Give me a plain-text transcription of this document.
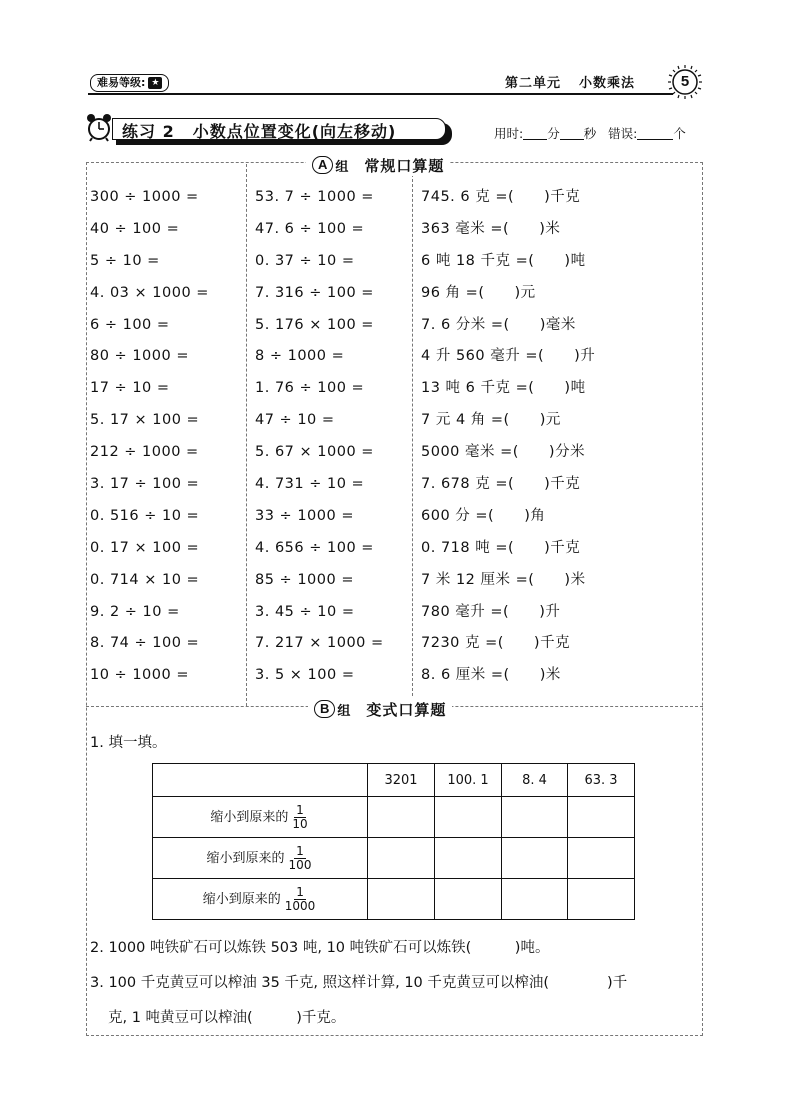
难易等级: ★	第二单元 小数乘法	5
练习 2 小数点位置变化(向左移动)	用时: 分 秒 错误:	个
A 组 常规口算题
300 ÷ 1000 =
40 ÷ 100 =
5 ÷ 10 =
4. 03 × 1000 =
6 ÷ 100 =
80 ÷ 1000 =
17 ÷ 10 =
5. 17 × 100 =
212 ÷ 1000 =
3. 17 ÷ 100 =
0. 516 ÷ 10 =
0. 17 × 100 =
0. 714 × 10 =
9. 2 ÷ 10 =
8. 74 ÷ 100 =
10 ÷ 1000 =
53. 7 ÷ 1000 =
47. 6 ÷ 100 =
0. 37 ÷ 10 =
7. 316 ÷ 100 =
5. 176 × 100 =
8 ÷ 1000 =
1. 76 ÷ 100 =
47 ÷ 10 =
5. 67 × 1000 =
4. 731 ÷ 10 =
33 ÷ 1000 =
4. 656 ÷ 100 =
85 ÷ 1000 =
3. 45 ÷ 10 =
7. 217 × 1000 =
3. 5 × 100 =
745. 6 克 =(　　)千克
363 毫米 =(　　)米
6 吨 18 千克 =(　　)吨
96 角 =(　　)元
7. 6 分米 =(　　)毫米
4 升 560 毫升 =(　　)升
13 吨 6 千克 =(　　)吨
7 元 4 角 =(　　)元
5000 毫米 =(　　)分米
7. 678 克 =(　　)千克
600 分 =(　　)角
0. 718 吨 =(　　)千克
7 米 12 厘米 =(　　)米
780 毫升 =(　　)升
7230 克 =(　　)千克
8. 6 厘米 =(　　)米
B 组 变式口算题
1. 填一填。
	3201	100. 1	8. 4	63. 3
缩小到原来的 $\frac{1}{10}$

缩小到原来的 $\frac{1}{100}$

缩小到原来的 $\frac{1}{1000}$

2. 1000 吨铁矿石可以炼铁 503 吨, 10 吨铁矿石可以炼铁(　　　)吨。
3. 100 千克黄豆可以榨油 35 千克, 照这样计算, 10 千克黄豆可以榨油(　　　　)千
克, 1 吨黄豆可以榨油(　　　)千克。
